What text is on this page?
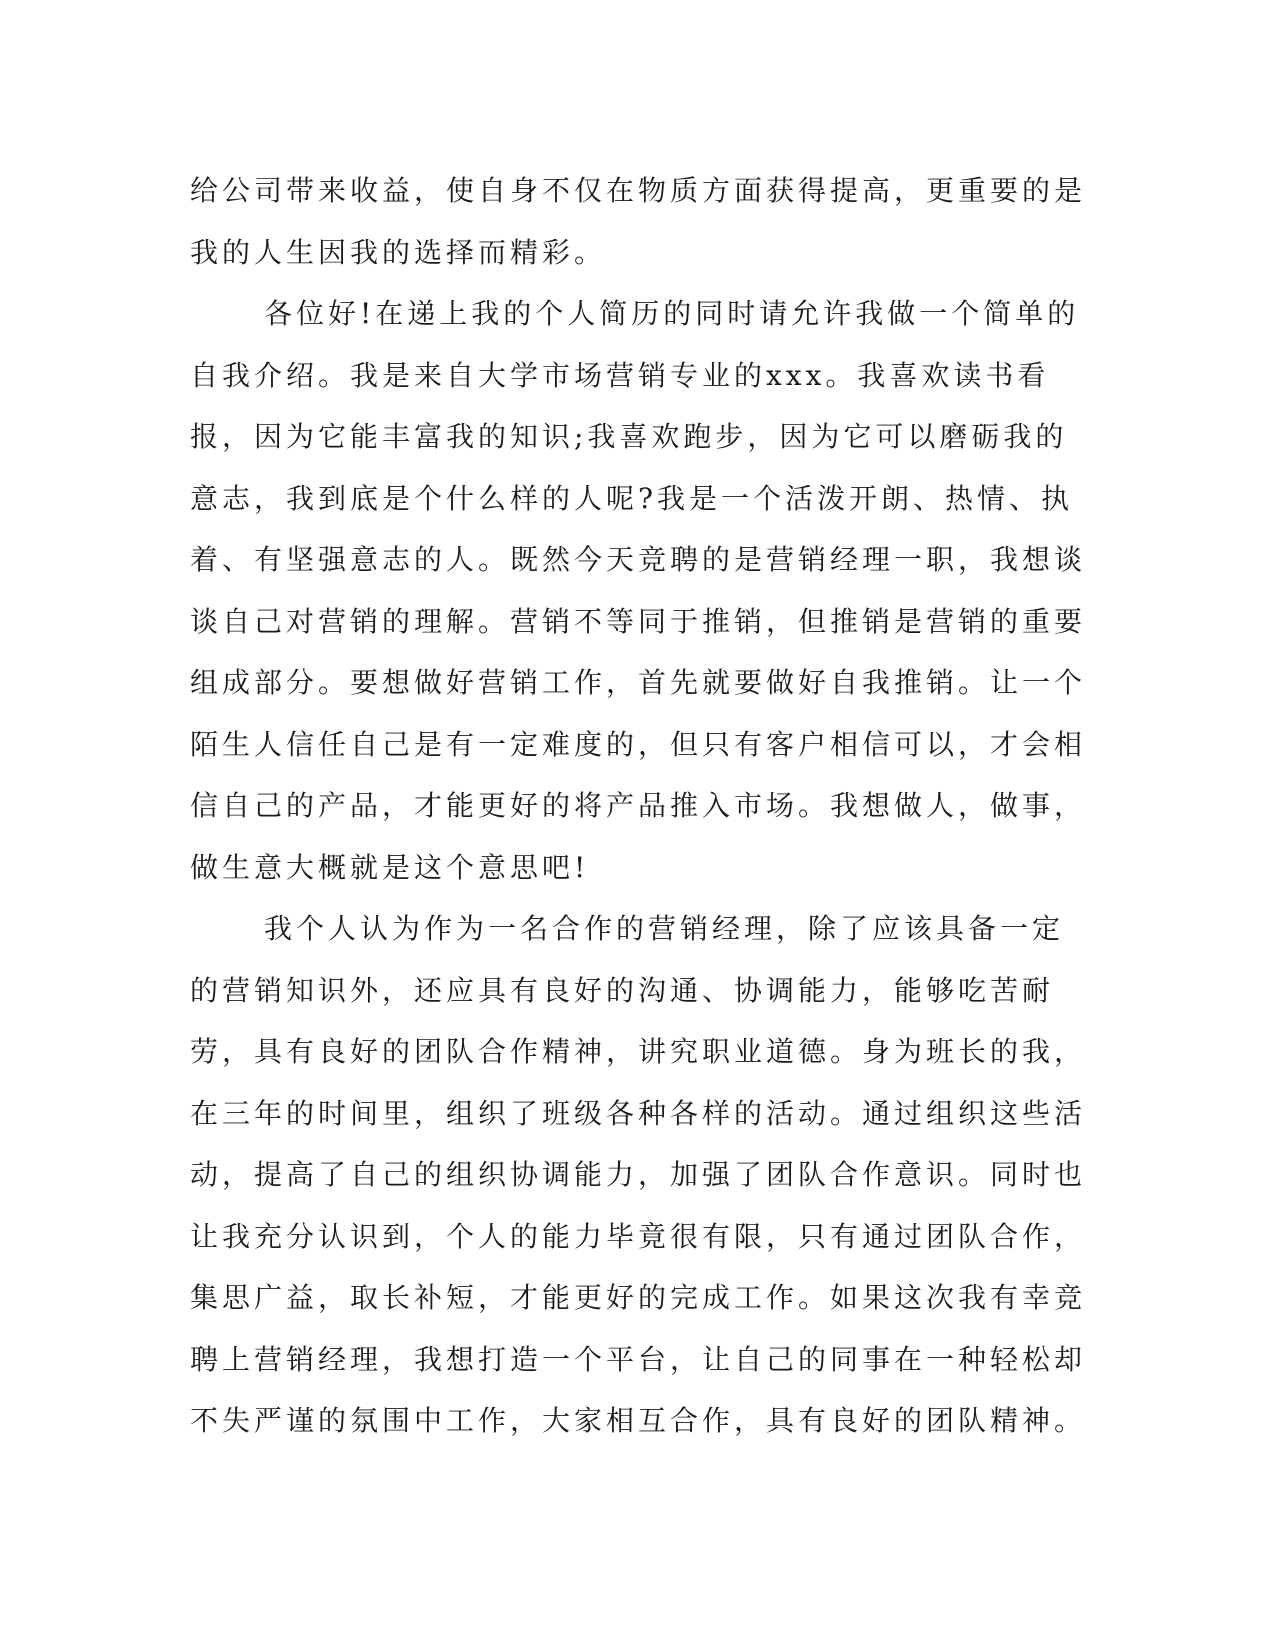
给公司带来收益，使自身不仅在物质方面获得提高，更重要的是我的人生因我的选择而精彩。

各位好!在递上我的个人简历的同时请允许我做一个简单的自我介绍。我是来自大学市场营销专业的xxx。我喜欢读书看报，因为它能丰富我的知识;我喜欢跑步，因为它可以磨砺我的意志，我到底是个什么样的人呢?我是一个活泼开朗、热情、执着、有坚强意志的人。既然今天竞聘的是营销经理一职，我想谈谈自己对营销的理解。营销不等同于推销，但推销是营销的重要组成部分。要想做好营销工作，首先就要做好自我推销。让一个陌生人信任自己是有一定难度的，但只有客户相信可以，才会相信自己的产品，才能更好的将产品推入市场。我想做人，做事，做生意大概就是这个意思吧!

我个人认为作为一名合作的营销经理，除了应该具备一定的营销知识外，还应具有良好的沟通、协调能力，能够吃苦耐劳，具有良好的团队合作精神，讲究职业道德。身为班长的我，在三年的时间里，组织了班级各种各样的活动。通过组织这些活动，提高了自己的组织协调能力，加强了团队合作意识。同时也让我充分认识到，个人的能力毕竟很有限，只有通过团队合作，集思广益，取长补短，才能更好的完成工作。如果这次我有幸竞聘上营销经理，我想打造一个平台，让自己的同事在一种轻松却不失严谨的氛围中工作，大家相互合作，具有良好的团队精神。
